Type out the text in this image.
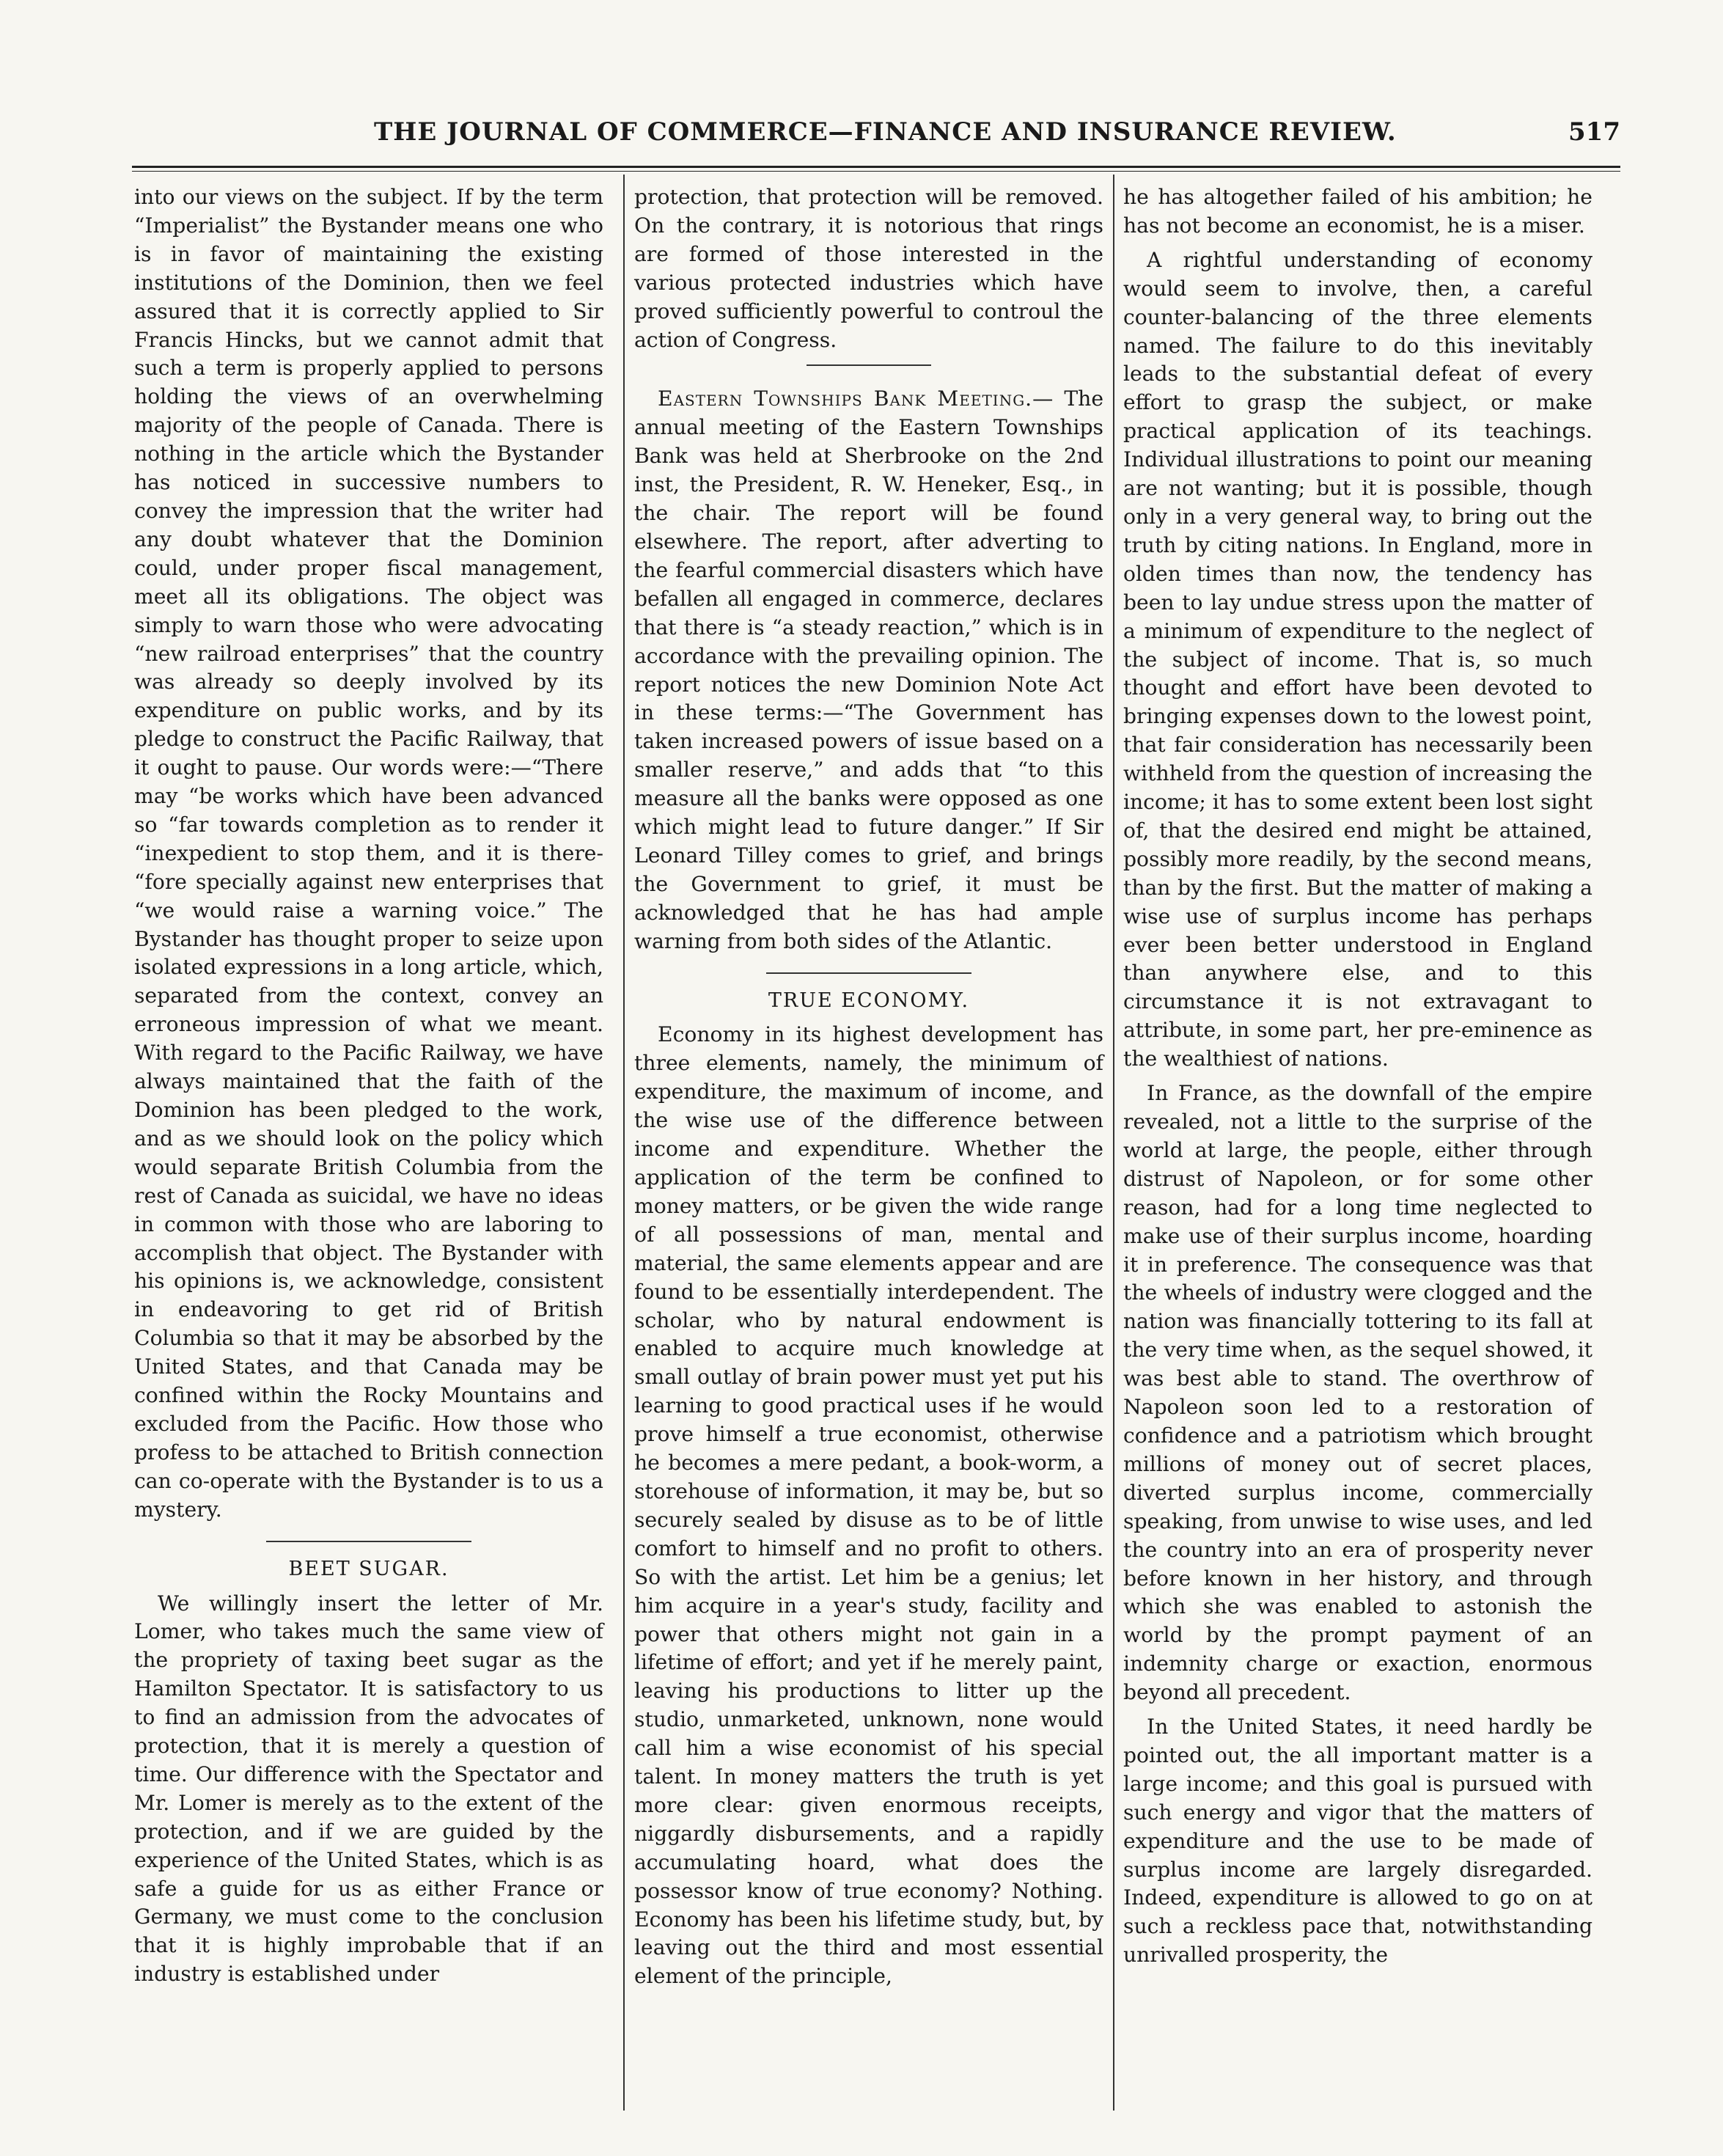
THE JOURNAL OF COMMERCE—FINANCE AND INSURANCE REVIEW.	517

into our views on the subject. If by the term “Imperialist” the Bystander means one who is in favor of maintaining the existing institutions of the Dominion, then we feel assured that it is correctly applied to Sir Francis Hincks, but we cannot admit that such a term is properly applied to persons holding the views of an overwhelming majority of the people of Canada. There is nothing in the article which the Bystander has noticed in successive numbers to convey the impression that the writer had any doubt whatever that the Dominion could, under proper fiscal management, meet all its obligations. The object was simply to warn those who were advocating “new railroad enterprises” that the country was already so deeply involved by its expenditure on public works, and by its pledge to construct the Pacific Railway, that it ought to pause. Our words were:—“There may “be works which have been advanced so “far towards completion as to render it “inexpedient to stop them, and it is there- “fore specially against new enterprises that “we would raise a warning voice.” The Bystander has thought proper to seize upon isolated expressions in a long article, which, separated from the context, convey an erroneous impression of what we meant. With regard to the Pacific Railway, we have always maintained that the faith of the Dominion has been pledged to the work, and as we should look on the policy which would separate British Columbia from the rest of Canada as suicidal, we have no ideas in common with those who are laboring to accomplish that object. The Bystander with his opinions is, we acknowledge, consistent in endeavoring to get rid of British Columbia so that it may be absorbed by the United States, and that Canada may be confined within the Rocky Mountains and excluded from the Pacific. How those who profess to be attached to British connection can co-operate with the Bystander is to us a mystery.

BEET SUGAR.

We willingly insert the letter of Mr. Lomer, who takes much the same view of the propriety of taxing beet sugar as the Hamilton Spectator. It is satisfactory to us to find an admission from the advocates of protection, that it is merely a question of time. Our difference with the Spectator and Mr. Lomer is merely as to the extent of the protection, and if we are guided by the experience of the United States, which is as safe a guide for us as either France or Germany, we must come to the conclusion that it is highly improbable that if an industry is established under

protection, that protection will be removed. On the contrary, it is notorious that rings are formed of those interested in the various protected industries which have proved sufficiently powerful to controul the action of Congress.

Eastern Townships Bank Meeting.— The annual meeting of the Eastern Townships Bank was held at Sherbrooke on the 2nd inst, the President, R. W. Heneker, Esq., in the chair. The report will be found elsewhere. The report, after adverting to the fearful commercial disasters which have befallen all engaged in commerce, declares that there is “a steady reaction,” which is in accordance with the prevailing opinion. The report notices the new Dominion Note Act in these terms:—“The Government has taken increased powers of issue based on a smaller reserve,” and adds that “to this measure all the banks were opposed as one which might lead to future danger.” If Sir Leonard Tilley comes to grief, and brings the Government to grief, it must be acknowledged that he has had ample warning from both sides of the Atlantic.

TRUE ECONOMY.

Economy in its highest development has three elements, namely, the minimum of expenditure, the maximum of income, and the wise use of the difference between income and expenditure. Whether the application of the term be confined to money matters, or be given the wide range of all possessions of man, mental and material, the same elements appear and are found to be essentially interdependent. The scholar, who by natural endowment is enabled to acquire much knowledge at small outlay of brain power must yet put his learning to good practical uses if he would prove himself a true economist, otherwise he becomes a mere pedant, a book-worm, a storehouse of information, it may be, but so securely sealed by disuse as to be of little comfort to himself and no profit to others. So with the artist. Let him be a genius; let him acquire in a year's study, facility and power that others might not gain in a lifetime of effort; and yet if he merely paint, leaving his productions to litter up the studio, unmarketed, unknown, none would call him a wise economist of his special talent. In money matters the truth is yet more clear: given enormous receipts, niggardly disbursements, and a rapidly accumulating hoard, what does the possessor know of true economy? Nothing. Economy has been his lifetime study, but, by leaving out the third and most essential element of the principle,

he has altogether failed of his ambition; he has not become an economist, he is a miser.

A rightful understanding of economy would seem to involve, then, a careful counter-balancing of the three elements named. The failure to do this inevitably leads to the substantial defeat of every effort to grasp the subject, or make practical application of its teachings. Individual illustrations to point our meaning are not wanting; but it is possible, though only in a very general way, to bring out the truth by citing nations. In England, more in olden times than now, the tendency has been to lay undue stress upon the matter of a minimum of expenditure to the neglect of the subject of income. That is, so much thought and effort have been devoted to bringing expenses down to the lowest point, that fair consideration has necessarily been withheld from the question of increasing the income; it has to some extent been lost sight of, that the desired end might be attained, possibly more readily, by the second means, than by the first. But the matter of making a wise use of surplus income has perhaps ever been better understood in England than anywhere else, and to this circumstance it is not extravagant to attribute, in some part, her pre-eminence as the wealthiest of nations.

In France, as the downfall of the empire revealed, not a little to the surprise of the world at large, the people, either through distrust of Napoleon, or for some other reason, had for a long time neglected to make use of their surplus income, hoarding it in preference. The consequence was that the wheels of industry were clogged and the nation was financially tottering to its fall at the very time when, as the sequel showed, it was best able to stand. The overthrow of Napoleon soon led to a restoration of confidence and a patriotism which brought millions of money out of secret places, diverted surplus income, commercially speaking, from unwise to wise uses, and led the country into an era of prosperity never before known in her history, and through which she was enabled to astonish the world by the prompt payment of an indemnity charge or exaction, enormous beyond all precedent.

In the United States, it need hardly be pointed out, the all important matter is a large income; and this goal is pursued with such energy and vigor that the matters of expenditure and the use to be made of surplus income are largely disregarded. Indeed, expenditure is allowed to go on at such a reckless pace that, notwithstanding unrivalled prosperity, the
